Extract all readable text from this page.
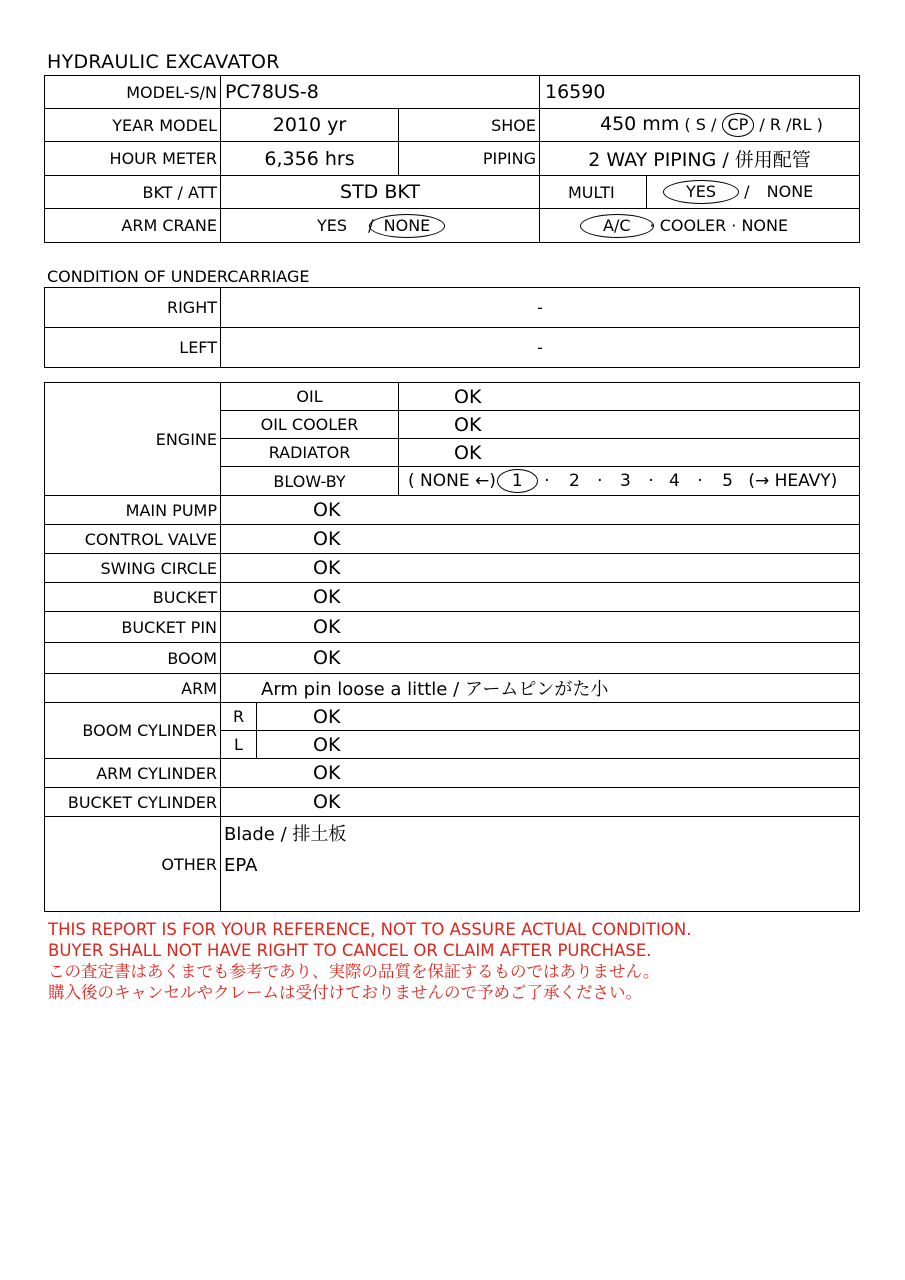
HYDRAULIC EXCAVATOR
MODEL-S/N	PC78US-8		16590	
YEAR MODEL	2010 yr	SHOE	450 mm ( S / CP / R /RL )	
HOUR METER	6,356 hrs	PIPING	2 WAY PIPING / 併用配管	
BKT / ATT	STD BKT		MULTI	YES / NONE
ARM CRANE	YES / NONE		A/C · COOLER · NONE	
CONDITION OF UNDERCARRIAGE
RIGHT	-
LEFT	-
ENGINE	OIL		OK
	OIL COOLER		OK
	RADIATOR		OK
	BLOW-BY		( NONE ←) 1 · 2 · 3 · 4 · 5 (→ HEAVY)
MAIN PUMP	OK		
CONTROL VALVE	OK		
SWING CIRCLE	OK		
BUCKET	OK		
BUCKET PIN	OK		
BOOM	OK		
ARM	Arm pin loose a little / アームピンがた小		
BOOM CYLINDER	R	OK	
	L	OK	
ARM CYLINDER	OK		
BUCKET CYLINDER	OK		
OTHER	Blade / 排土板
EPA		
THIS REPORT IS FOR YOUR REFERENCE, NOT TO ASSURE ACTUAL CONDITION.
BUYER SHALL NOT HAVE RIGHT TO CANCEL OR CLAIM AFTER PURCHASE.
この査定書はあくまでも参考であり、実際の品質を保証するものではありません。
購入後のキャンセルやクレームは受付けておりませんので予めご了承ください。
